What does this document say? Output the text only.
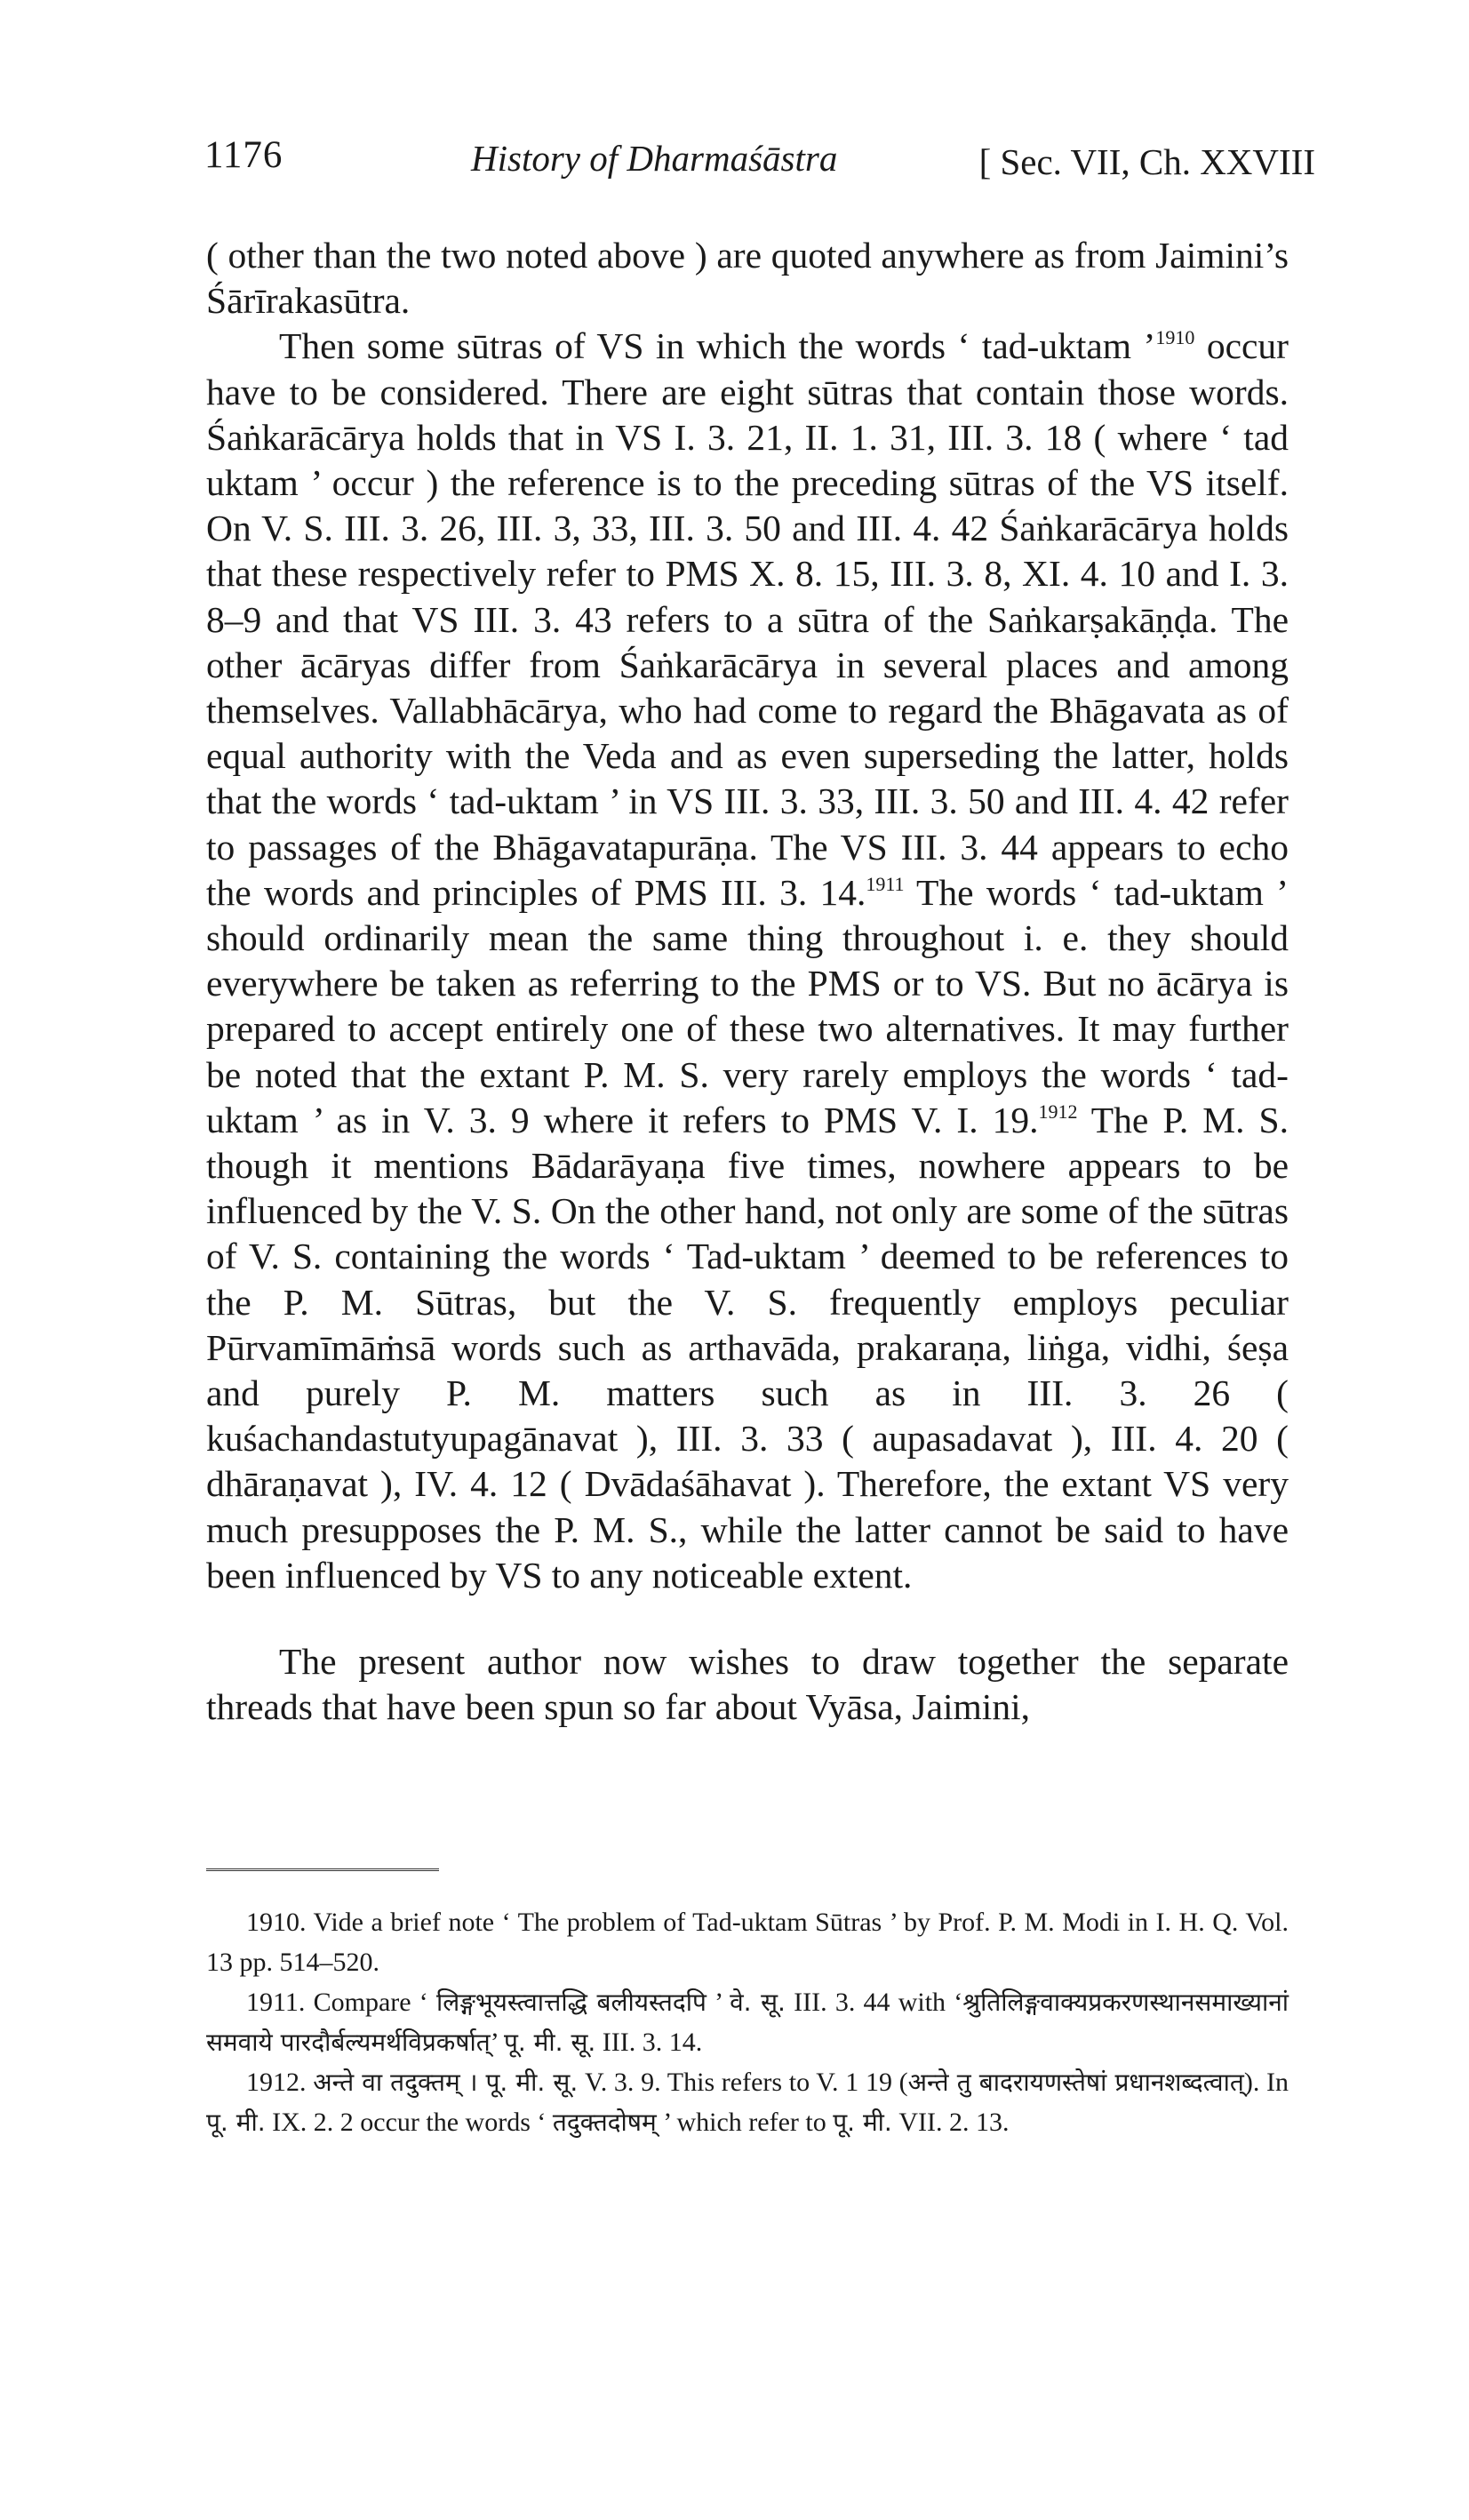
1176	History of Dharmaśāstra	[ Sec. VII, Ch. XXVIII

( other than the two noted above ) are quoted anywhere as from Jaimini’s Śārīrakasūtra.

Then some sūtras of VS in which the words ‘ tad-uktam ’$^{1910}$ occur have to be considered. There are eight sūtras that contain those words. Śaṅkarācārya holds that in VS I. 3. 21, II. 1. 31, III. 3. 18 ( where ‘ tad uktam ’ occur ) the reference is to the preceding sūtras of the VS itself. On V. S. III. 3. 26, III. 3, 33, III. 3. 50 and III. 4. 42 Śaṅkarācārya holds that these respectively refer to PMS X. 8. 15, III. 3. 8, XI. 4. 10 and I. 3. 8–9 and that VS III. 3. 43 refers to a sūtra of the Saṅkarṣakāṇḍa. The other ācāryas differ from Śaṅkarācārya in several places and among themselves. Vallabhācārya, who had come to regard the Bhāgavata as of equal authority with the Veda and as even superseding the latter, holds that the words ‘ tad-uktam ’ in VS III. 3. 33, III. 3. 50 and III. 4. 42 refer to passages of the Bhāgavatapurāṇa. The VS III. 3. 44 appears to echo the words and principles of PMS III. 3. 14.$^{1911}$ The words ‘ tad-uktam ’ should ordinarily mean the same thing throughout i. e. they should everywhere be taken as referring to the PMS or to VS. But no ācārya is prepared to accept entirely one of these two alternatives. It may further be noted that the extant P. M. S. very rarely employs the words ‘ tad-uktam ’ as in V. 3. 9 where it refers to PMS V. I. 19.$^{1912}$ The P. M. S. though it mentions Bādarāyaṇa five times, nowhere appears to be influenced by the V. S. On the other hand, not only are some of the sūtras of V. S. containing the words ‘ Tad-uktam ’ deemed to be references to the P. M. Sūtras, but the V. S. frequently employs peculiar Pūrvamīmāṁsā words such as arthavāda, prakaraṇa, liṅga, vidhi, śeṣa and purely P. M. matters such as in III. 3. 26 ( kuśachandastutyupagānavat ), III. 3. 33 ( aupasadavat ), III. 4. 20 ( dhāraṇavat ), IV. 4. 12 ( Dvādaśāhavat ). Therefore, the extant VS very much presupposes the P. M. S., while the latter cannot be said to have been influenced by VS to any noticeable extent.

The present author now wishes to draw together the separate threads that have been spun so far about Vyāsa, Jaimini,

1910. Vide a brief note ‘ The problem of Tad-uktam Sūtras ’ by Prof. P. M. Modi in I. H. Q. Vol. 13 pp. 514–520.

1911. Compare ‘ लिङ्गभूयस्त्वात्तद्धि बलीयस्तदपि ’ वे. सू. III. 3. 44 with ‘श्रुतिलिङ्गवाक्यप्रकरणस्थानसमाख्यानां समवाये पारदौर्बल्यमर्थविप्रकर्षात्’ पू. मी. सू. III. 3. 14.

1912. अन्ते वा तदुक्तम् । पू. मी. सू. V. 3. 9. This refers to V. 1 19 (अन्ते तु बादरायणस्तेषां प्रधानशब्दत्वात्). In पू. मी. IX. 2. 2 occur the words ‘ तदुक्तदोषम् ’ which refer to पू. मी. VII. 2. 13.
